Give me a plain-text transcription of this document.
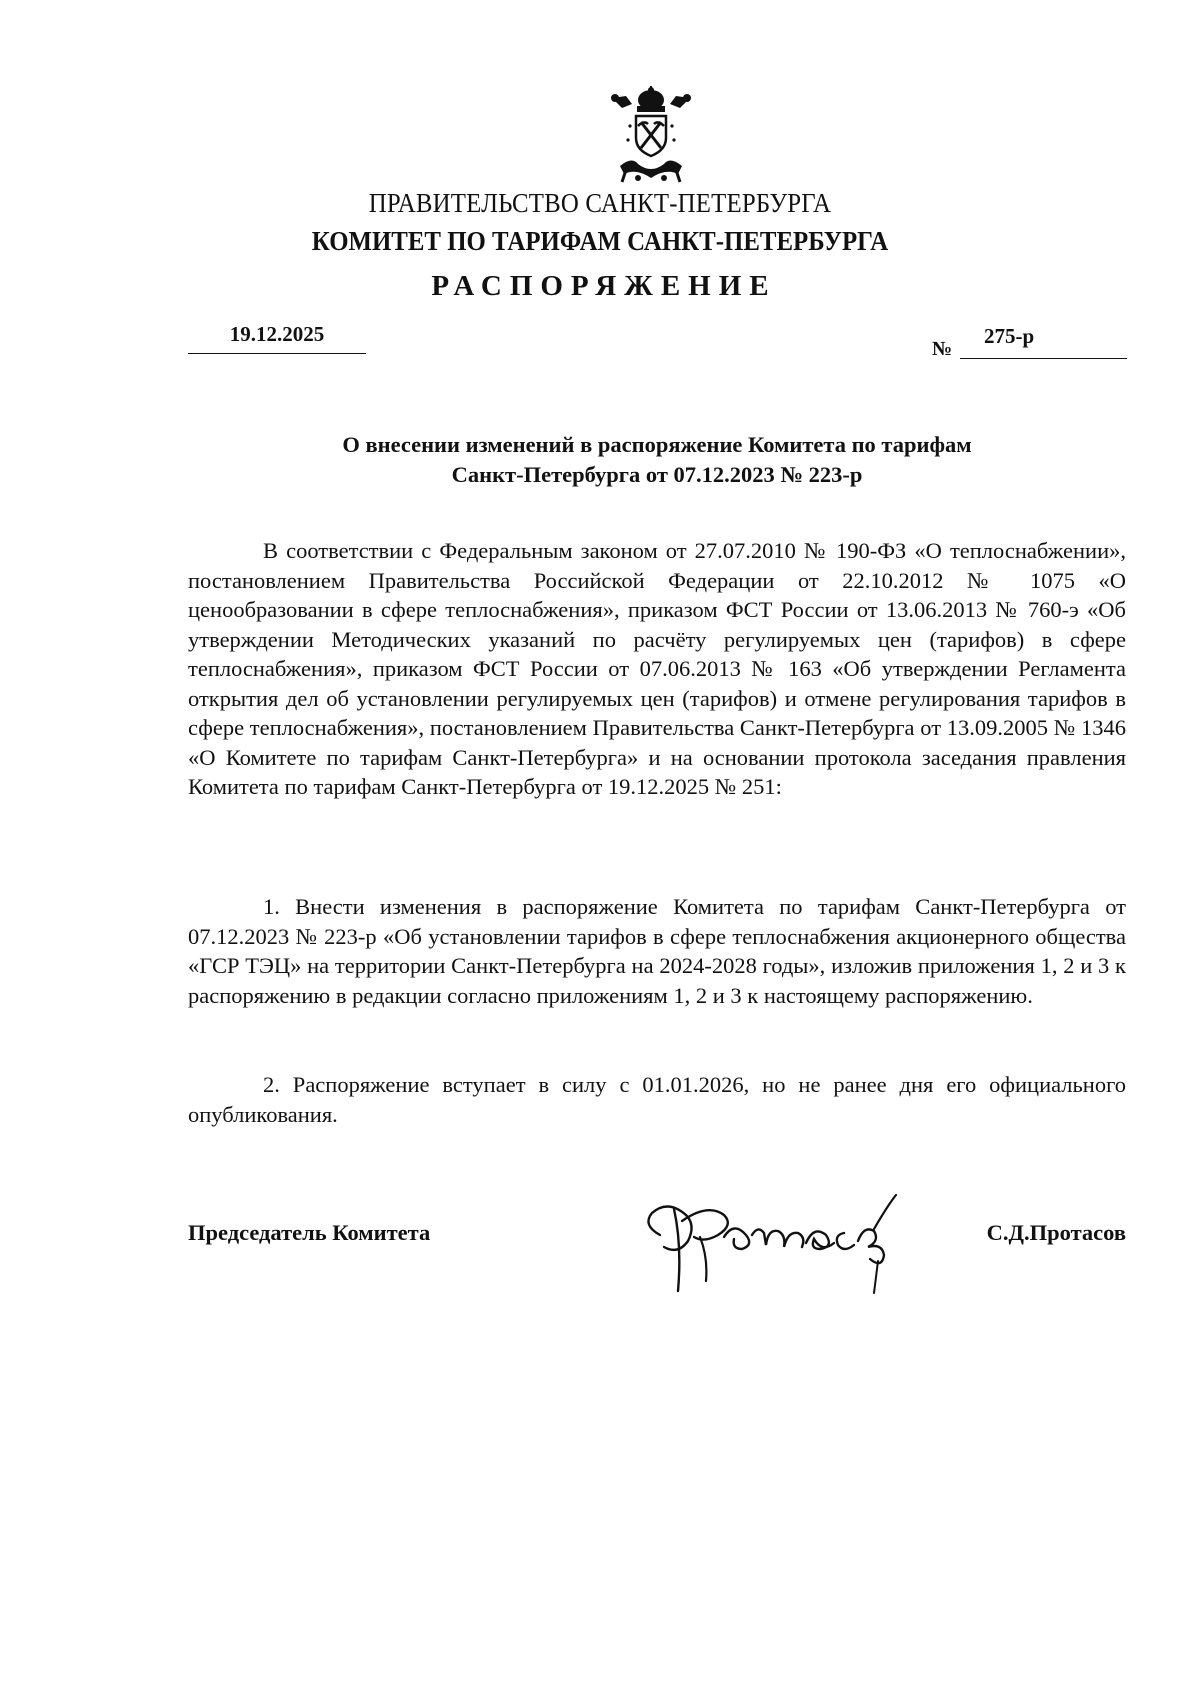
ПРАВИТЕЛЬСТВО САНКТ-ПЕТЕРБУРГА
КОМИТЕТ ПО ТАРИФАМ САНКТ-ПЕТЕРБУРГА
РАСПОРЯЖЕНИЕ
19.12.2025
№
275-р
О внесении изменений в распоряжение Комитета по тарифам
Санкт-Петербурга от 07.12.2023 № 223-р
В соответствии с Федеральным законом от 27.07.2010 № 190-ФЗ «О теплоснабжении», постановлением Правительства Российской Федерации от 22.10.2012 № 1075 «О ценообразовании в сфере теплоснабжения», приказом ФСТ России от 13.06.2013 № 760-э «Об утверждении Методических указаний по расчёту регулируемых цен (тарифов) в сфере теплоснабжения», приказом ФСТ России от 07.06.2013 № 163 «Об утверждении Регламента открытия дел об установлении регулируемых цен (тарифов) и отмене регулирования тарифов в сфере теплоснабжения», постановлением Правительства Санкт-Петербурга от 13.09.2005 № 1346 «О Комитете по тарифам Санкт-Петербурга» и на основании протокола заседания правления Комитета по тарифам Санкт-Петербурга от 19.12.2025 № 251:
1. Внести изменения в распоряжение Комитета по тарифам Санкт-Петербурга от 07.12.2023 № 223-р «Об установлении тарифов в сфере теплоснабжения акционерного общества «ГСР ТЭЦ» на территории Санкт-Петербурга на 2024-2028 годы», изложив приложения 1, 2 и 3 к распоряжению в редакции согласно приложениям 1, 2 и 3 к настоящему распоряжению.
2. Распоряжение вступает в силу с 01.01.2026, но не ранее дня его официального опубликования.
Председатель Комитета	С.Д.Протасов
